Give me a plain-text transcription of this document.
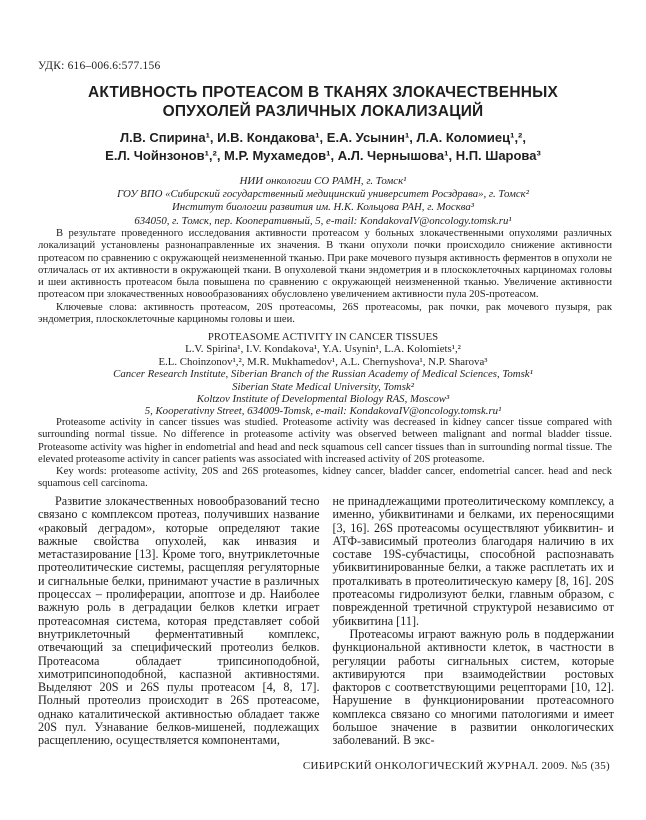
УДК: 616–006.6:577.156
АКТИВНОСТЬ ПРОТЕАСОМ В ТКАНЯХ ЗЛОКАЧЕСТВЕННЫХ
ОПУХОЛЕЙ РАЗЛИЧНЫХ ЛОКАЛИЗАЦИЙ
Л.В. Спирина¹, И.В. Кондакова¹, Е.А. Усынин¹, Л.А. Коломиец¹,²,
Е.Л. Чойнзонов¹,², М.Р. Мухамедов¹, А.Л. Чернышова¹, Н.П. Шарова³
НИИ онкологии СО РАМН, г. Томск¹
ГОУ ВПО «Сибирский государственный медицинский университет Росздрава», г. Томск²
Институт биологии развития им. Н.К. Кольцова РАН, г. Москва³
634050, г. Томск, пер. Кооперативный, 5, e-mail: KondakovaIV@oncology.tomsk.ru¹

В результате проведенного исследования активности протеасом у больных злокачественными опухолями различных локализаций установлены разнонаправленные их значения. В ткани опухоли почки происходило снижение активности протеасом по сравнению с окружающей неизмененной тканью. При раке мочевого пузыря активность ферментов в опухоли не отличалась от их активности в окружающей ткани. В опухолевой ткани эндометрия и в плоскоклеточных карциномах головы и шеи активность протеасом была повышена по сравнению с окружающей неизмененной тканью. Увеличение активности протеасом при злокачественных новообразованиях обусловлено увеличением активности пула 20S-протеасом.

Ключевые слова: активность протеасом, 20S протеасомы, 26S протеасомы, рак почки, рак мочевого пузыря, рак эндометрия, плоскоклеточные карциномы головы и шеи.

PROTEASOME ACTIVITY IN CANCER TISSUES
L.V. Spirina¹, I.V. Kondakova¹, Y.A. Usynin¹, L.A. Kolomiets¹,²
E.L. Choinzonov¹,², M.R. Mukhamedov¹, A.L. Chernyshova¹, N.P. Sharova³
Cancer Research Institute, Siberian Branch of the Russian Academy of Medical Sciences, Tomsk¹
Siberian State Medical University, Tomsk²
Koltzov Institute of Developmental Biology RAS, Moscow³
5, Kooperativny Street, 634009-Tomsk, e-mail: KondakovaIV@oncology.tomsk.ru¹

Proteasome activity in cancer tissues was studied. Proteasome activity was decreased in kidney cancer tissue compared with surrounding normal tissue. No difference in proteasome activity was observed between malignant and normal bladder tissue. Proteasome activity was higher in endometrial and head and neck squamous cell cancer tissues than in surrounding normal tissue. The elevated proteasome activity in cancer patients was associated with increased activity of 20S proteasome.

Key words: proteasome activity, 20S and 26S proteasomes, kidney cancer, bladder cancer, endometrial cancer. head and neck squamous cell carcinoma.

Развитие злокачественных новообразований тесно связано с комплексом протеаз, получивших название «раковый деградом», которые определяют такие важные свойства опухолей, как инвазия и метастазирование [13]. Кроме того, внутриклеточные протеолитические системы, расщепляя регуляторные и сигнальные белки, принимают участие в различных процессах – пролиферации, апоптозе и др. Наиболее важную роль в деградации белков клетки играет протеасомная система, которая представляет собой внутриклеточный ферментативный комплекс, отвечающий за специфический протеолиз белков. Протеасома обладает трипсиноподобной, химотрипсиноподобной, каспазной активностями. Выделяют 20S и 26S пулы протеасом [4, 8, 17]. Полный протеолиз происходит в 26S протеасоме, однако каталитической активностью обладает также 20S пул. Узнавание белков-мишеней, подлежащих расщеплению, осуществляется компонентами,

не принадлежащими протеолитическому комплексу, а именно, убиквитинами и белками, их переносящими [3, 16]. 26S протеасомы осуществляют убиквитин- и АТФ-зависимый протеолиз благодаря наличию в их составе 19S-субчастицы, способной распознавать убиквитинированные белки, а также расплетать их и проталкивать в протеолитическую камеру [8, 16]. 20S протеасомы гидролизуют белки, главным образом, с поврежденной третичной структурой независимо от убиквитина [11].

Протеасомы играют важную роль в поддержании функциональной активности клеток, в частности в регуляции работы сигнальных систем, которые активируются при взаимодействии ростовых факторов с соответствующими рецепторами [10, 12]. Нарушение в функционировании протеасомного комплекса связано со многими патологиями и имеет большое значение в развитии онкологических заболеваний. В экс-

СИБИРСКИЙ ОНКОЛОГИЧЕСКИЙ ЖУРНАЛ. 2009. №5 (35)
